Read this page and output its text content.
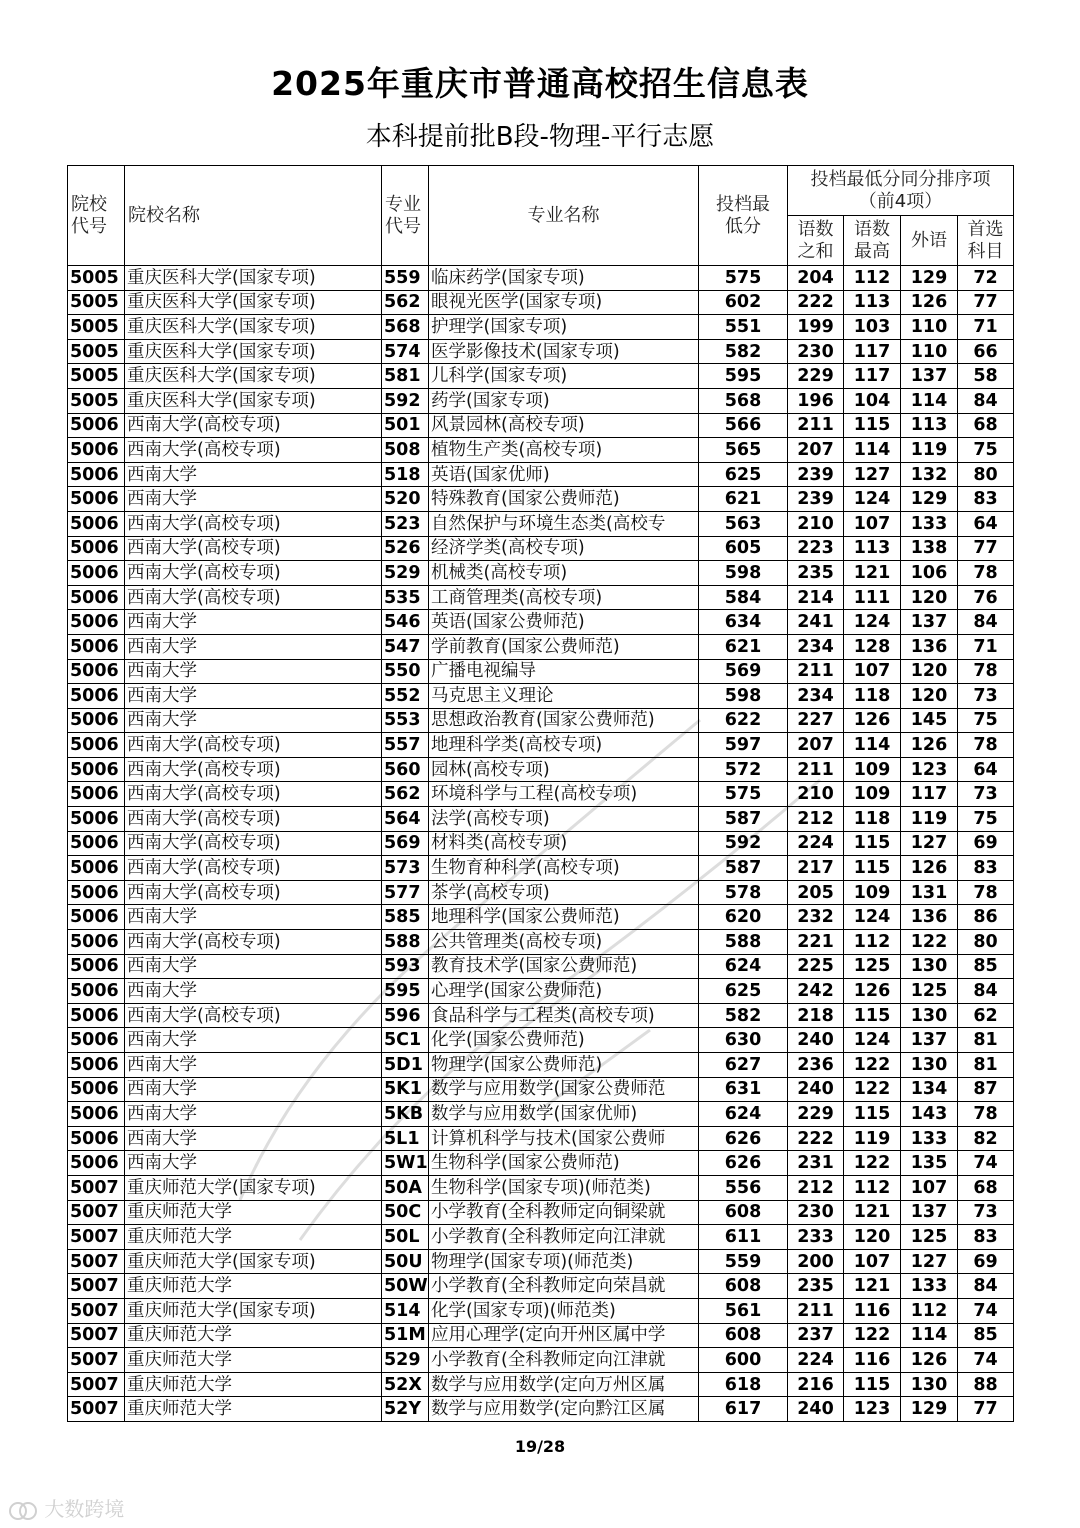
2025年重庆市普通高校招生信息表
本科提前批B段-物理-平行志愿
院校代号	院校名称	专业代号	专业名称	投档最低分	投档最低分同分排序项（前4项）			
					语数之和	语数最高	外语	首选科目
5005	重庆医科大学(国家专项)	559	临床药学(国家专项)	575	204	112	129	72
5005	重庆医科大学(国家专项)	562	眼视光医学(国家专项)	602	222	113	126	77
5005	重庆医科大学(国家专项)	568	护理学(国家专项)	551	199	103	110	71
5005	重庆医科大学(国家专项)	574	医学影像技术(国家专项)	582	230	117	110	66
5005	重庆医科大学(国家专项)	581	儿科学(国家专项)	595	229	117	137	58
5005	重庆医科大学(国家专项)	592	药学(国家专项)	568	196	104	114	84
5006	西南大学(高校专项)	501	风景园林(高校专项)	566	211	115	113	68
5006	西南大学(高校专项)	508	植物生产类(高校专项)	565	207	114	119	75
5006	西南大学	518	英语(国家优师)	625	239	127	132	80
5006	西南大学	520	特殊教育(国家公费师范)	621	239	124	129	83
5006	西南大学(高校专项)	523	自然保护与环境生态类(高校专	563	210	107	133	64
5006	西南大学(高校专项)	526	经济学类(高校专项)	605	223	113	138	77
5006	西南大学(高校专项)	529	机械类(高校专项)	598	235	121	106	78
5006	西南大学(高校专项)	535	工商管理类(高校专项)	584	214	111	120	76
5006	西南大学	546	英语(国家公费师范)	634	241	124	137	84
5006	西南大学	547	学前教育(国家公费师范)	621	234	128	136	71
5006	西南大学	550	广播电视编导	569	211	107	120	78
5006	西南大学	552	马克思主义理论	598	234	118	120	73
5006	西南大学	553	思想政治教育(国家公费师范)	622	227	126	145	75
5006	西南大学(高校专项)	557	地理科学类(高校专项)	597	207	114	126	78
5006	西南大学(高校专项)	560	园林(高校专项)	572	211	109	123	64
5006	西南大学(高校专项)	562	环境科学与工程(高校专项)	575	210	109	117	73
5006	西南大学(高校专项)	564	法学(高校专项)	587	212	118	119	75
5006	西南大学(高校专项)	569	材料类(高校专项)	592	224	115	127	69
5006	西南大学(高校专项)	573	生物育种科学(高校专项)	587	217	115	126	83
5006	西南大学(高校专项)	577	茶学(高校专项)	578	205	109	131	78
5006	西南大学	585	地理科学(国家公费师范)	620	232	124	136	86
5006	西南大学(高校专项)	588	公共管理类(高校专项)	588	221	112	122	80
5006	西南大学	593	教育技术学(国家公费师范)	624	225	125	130	85
5006	西南大学	595	心理学(国家公费师范)	625	242	126	125	84
5006	西南大学(高校专项)	596	食品科学与工程类(高校专项)	582	218	115	130	62
5006	西南大学	5C1	化学(国家公费师范)	630	240	124	137	81
5006	西南大学	5D1	物理学(国家公费师范)	627	236	122	130	81
5006	西南大学	5K1	数学与应用数学(国家公费师范	631	240	122	134	87
5006	西南大学	5KB	数学与应用数学(国家优师)	624	229	115	143	78
5006	西南大学	5L1	计算机科学与技术(国家公费师	626	222	119	133	82
5006	西南大学	5W1	生物科学(国家公费师范)	626	231	122	135	74
5007	重庆师范大学(国家专项)	50A	生物科学(国家专项)(师范类)	556	212	112	107	68
5007	重庆师范大学	50C	小学教育(全科教师定向铜梁就	608	230	121	137	73
5007	重庆师范大学	50L	小学教育(全科教师定向江津就	611	233	120	125	83
5007	重庆师范大学(国家专项)	50U	物理学(国家专项)(师范类)	559	200	107	127	69
5007	重庆师范大学	50W	小学教育(全科教师定向荣昌就	608	235	121	133	84
5007	重庆师范大学(国家专项)	514	化学(国家专项)(师范类)	561	211	116	112	74
5007	重庆师范大学	51M	应用心理学(定向开州区属中学	608	237	122	114	85
5007	重庆师范大学	529	小学教育(全科教师定向江津就	600	224	116	126	74
5007	重庆师范大学	52X	数学与应用数学(定向万州区属	618	216	115	130	88
5007	重庆师范大学	52Y	数学与应用数学(定向黔江区属	617	240	123	129	77
19/28
大数跨境
